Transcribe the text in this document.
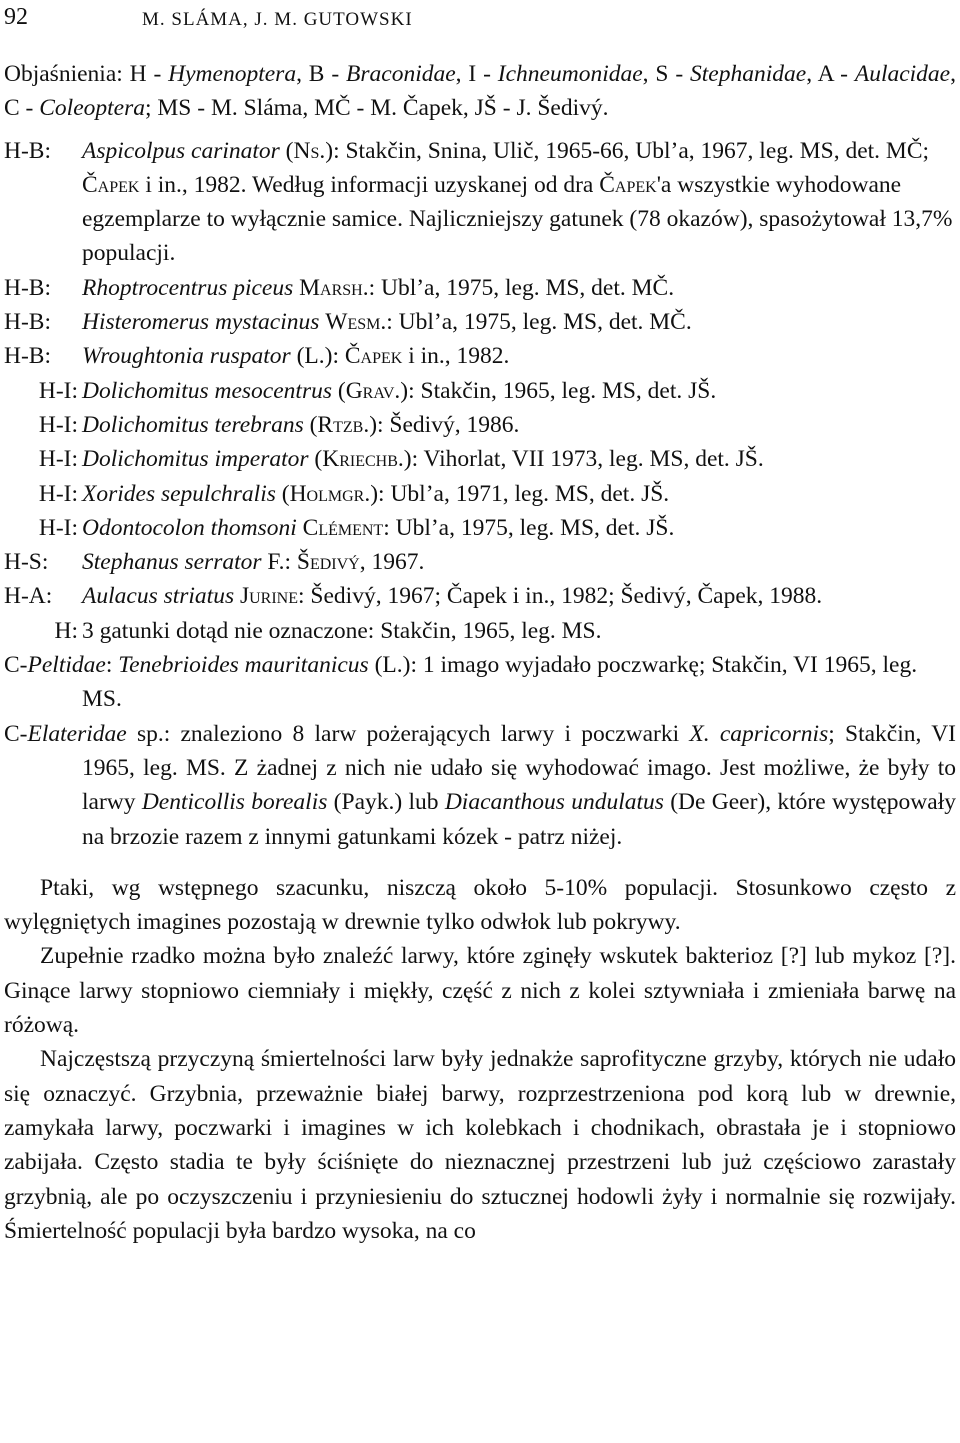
92	M. SLÁMA, J. M. GUTOWSKI

Objaśnienia: H - Hymenoptera, B - Braconidae, I - Ichneumonidae, S - Stephanidae, A - Aulacidae, C - Coleoptera; MS - M. Sláma, MČ - M. Čapek, JŠ - J. Šedivý.

H-B:	Aspicolpus carinator (Ns.): Stakčin, Snina, Ulič, 1965-66, Ubl’a, 1967, leg. MS, det. MČ; Čapek i in., 1982. Według informacji uzyskanej od dra Čapek'a wszystkie wyhodowane egzemplarze to wyłącznie samice. Najliczniejszy gatunek (78 okazów), spasożytował 13,7% populacji.

H-B:	Rhoptrocentrus piceus Marsh.: Ubl’a, 1975, leg. MS, det. MČ.

H-B:	Histeromerus mystacinus Wesm.: Ubl’a, 1975, leg. MS, det. MČ.

H-B:	Wroughtonia ruspator (L.): Čapek i in., 1982.

H-I: Dolichomitus mesocentrus (Grav.): Stakčin, 1965, leg. MS, det. JŠ.

H-I: Dolichomitus terebrans (Rtzb.): Šedivý, 1986.

H-I: Dolichomitus imperator (Kriechb.): Vihorlat, VII 1973, leg. MS, det. JŠ.

H-I: Xorides sepulchralis (Holmgr.): Ubl’a, 1971, leg. MS, det. JŠ.

H-I: Odontocolon thomsoni Clément: Ubl’a, 1975, leg. MS, det. JŠ.

H-S:	Stephanus serrator F.: Šedivý, 1967.

H-A:	Aulacus striatus Jurine: Šedivý, 1967; Čapek i in., 1982; Šedivý, Čapek, 1988.

H: 3 gatunki dotąd nie oznaczone: Stakčin, 1965, leg. MS.

C-Peltidae: Tenebrioides mauritanicus (L.): 1 imago wyjadało poczwarkę; Stakčin, VI 1965, leg. MS.

C-Elateridae sp.: znaleziono 8 larw pożerających larwy i poczwarki X. capricornis; Stakčin, VI 1965, leg. MS. Z żadnej z nich nie udało się wyhodować imago. Jest możliwe, że były to larwy Denticollis borealis (Payk.) lub Diacanthous undulatus (De Geer), które występowały na brzozie razem z innymi gatunkami kózek - patrz niżej.

Ptaki, wg wstępnego szacunku, niszczą około 5-10% populacji. Stosunkowo często z wylęgniętych imagines pozostają w drewnie tylko odwłok lub pokrywy.

Zupełnie rzadko można było znaleźć larwy, które zginęły wskutek bakterioz [?] lub mykoz [?]. Ginące larwy stopniowo ciemniały i miękły, część z nich z kolei sztywniała i zmieniała barwę na różową.

Najczęstszą przyczyną śmiertelności larw były jednakże saprofityczne grzyby, których nie udało się oznaczyć. Grzybnia, przeważnie białej barwy, rozprzestrzeniona pod korą lub w drewnie, zamykała larwy, poczwarki i imagines w ich kolebkach i chodnikach, obrastała je i stopniowo zabijała. Często stadia te były ściśnięte do nieznacznej przestrzeni lub już częściowo zarastały grzybnią, ale po oczyszczeniu i przyniesieniu do sztucznej hodowli żyły i normalnie się rozwijały. Śmiertelność populacji była bardzo wysoka, na co
